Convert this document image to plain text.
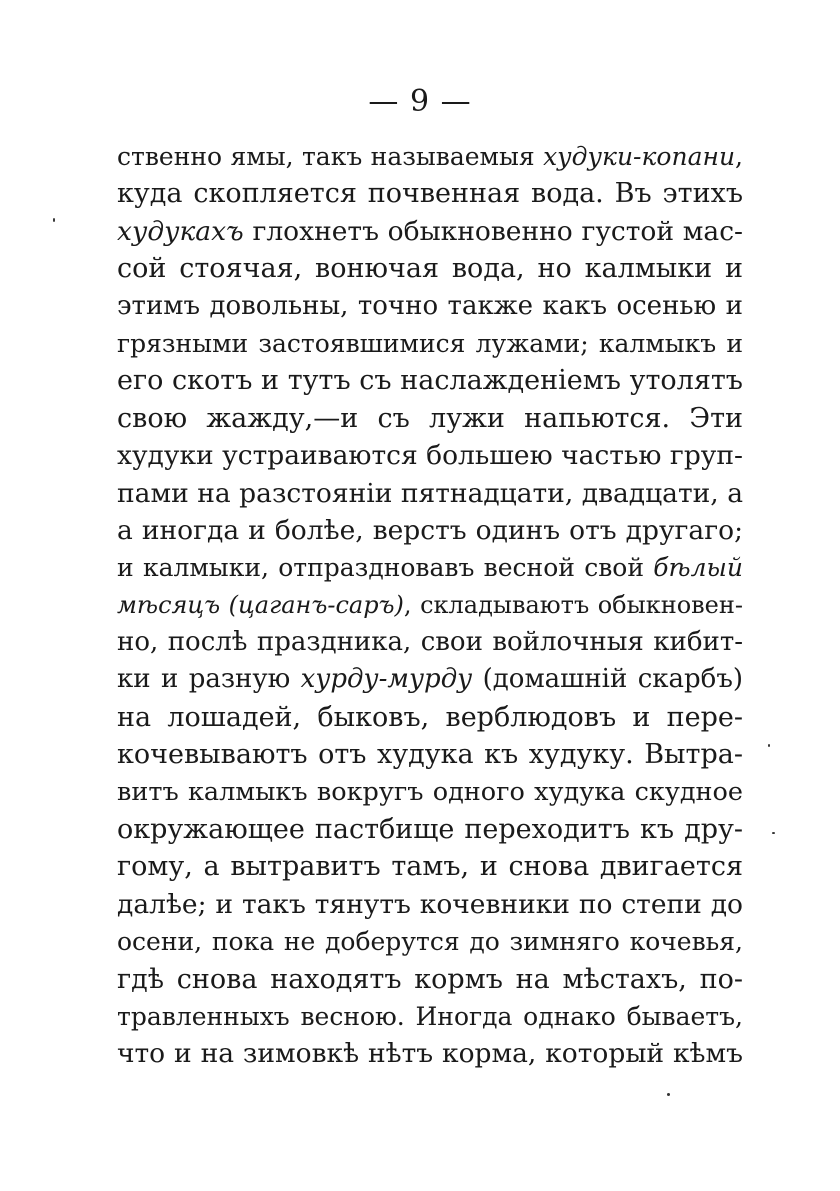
— 9 —
ственно ямы, такъ называемыя худуки-копани,
куда скопляется почвенная вода. Въ этихъ
худукахъ глохнетъ обыкновенно густой мас-
сой стоячая, вонючая вода, но калмыки и
этимъ довольны, точно также какъ осенью и
грязными застоявшимися лужами; калмыкъ и
его скотъ и тутъ съ наслажденіемъ утолятъ
свою жажду,—и съ лужи напьются. Эти
худуки устраиваются большею частью груп-
пами на разстояніи пятнадцати, двадцати, а
а иногда и болѣе, верстъ одинъ отъ другаго;
и калмыки, отпраздновавъ весной свой бѣлый
мѣсяцъ (цаганъ-саръ), складываютъ обыкновен-
но, послѣ праздника, свои войлочныя кибит-
ки и разную хурду-мурду (домашній скарбъ)
на лошадей, быковъ, верблюдовъ и пере-
кочевываютъ отъ худука къ худуку. Вытра-
витъ калмыкъ вокругъ одного худука скудное
окружающее пастбище переходитъ къ дру-
гому, а вытравитъ тамъ, и снова двигается
далѣе; и такъ тянутъ кочевники по степи до
осени, пока не доберутся до зимняго кочевья,
гдѣ снова находятъ кормъ на мѣстахъ, по-
травленныхъ весною. Иногда однако бываетъ,
что и на зимовкѣ нѣтъ корма, который кѣмъ
